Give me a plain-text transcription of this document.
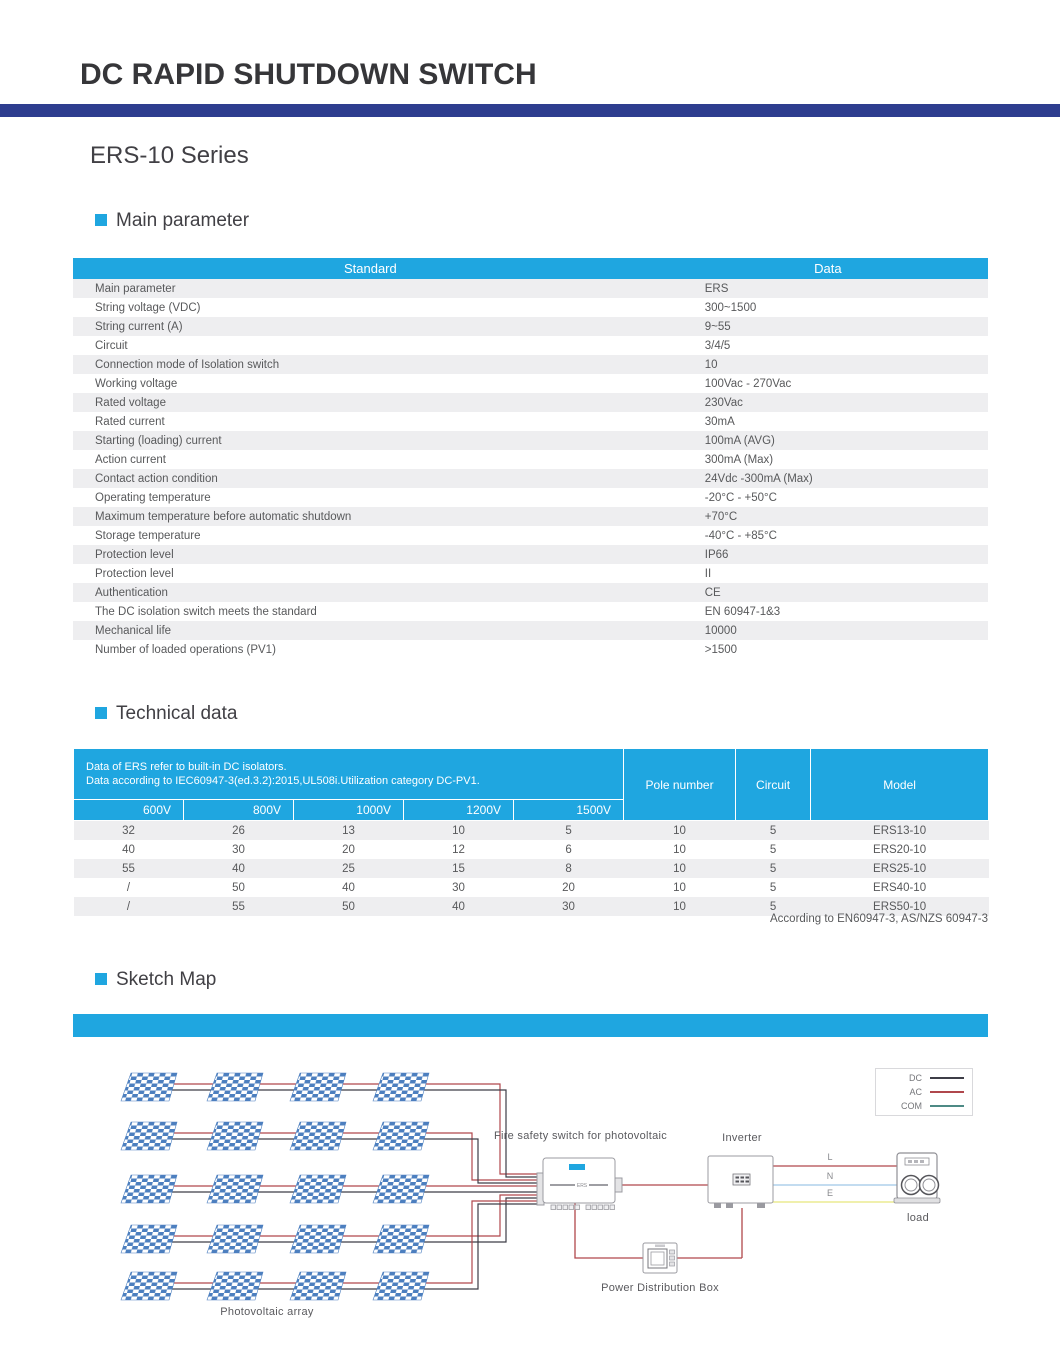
DC RAPID SHUTDOWN SWITCH
ERS-10 Series
Main parameter
Standard	Data
Main parameter	ERS
String voltage (VDC)	300~1500
String current (A)	9~55
Circuit	3/4/5
Connection mode of Isolation switch	10
Working voltage	100Vac - 270Vac
Rated voltage	230Vac
Rated current	30mA
Starting (loading) current	100mA (AVG)
Action current	300mA (Max)
Contact action condition	24Vdc -300mA (Max)
Operating temperature	-20°C - +50°C
Maximum temperature before automatic shutdown	+70°C
Storage temperature	-40°C - +85°C
Protection level	IP66
Protection level	II
Authentication	CE
The DC isolation switch meets the standard	EN 60947-1&3
Mechanical life	10000
Number of loaded operations (PV1)	>1500
Technical data
Data of ERS refer to built-in DC isolators.
Data according to IEC60947-3(ed.3.2):2015,UL508i.Utilization category DC-PV1.					Pole number	Circuit	Model
600V	800V	1000V	1200V	1500V			
32	26	13	10	5	10	5	ERS13-10
40	30	20	12	6	10	5	ERS20-10
55	40	25	15	8	10	5	ERS25-10
/	50	40	30	20	10	5	ERS40-10
/	55	50	40	30	10	5	ERS50-10
According to EN60947-3, AS/NZS 60947-3
Sketch Map
ERS
Fire safety switch for photovoltaic	Inverter
load
Power Distribution Box
Photovoltaic array
L
N
E
DC
AC
COM
